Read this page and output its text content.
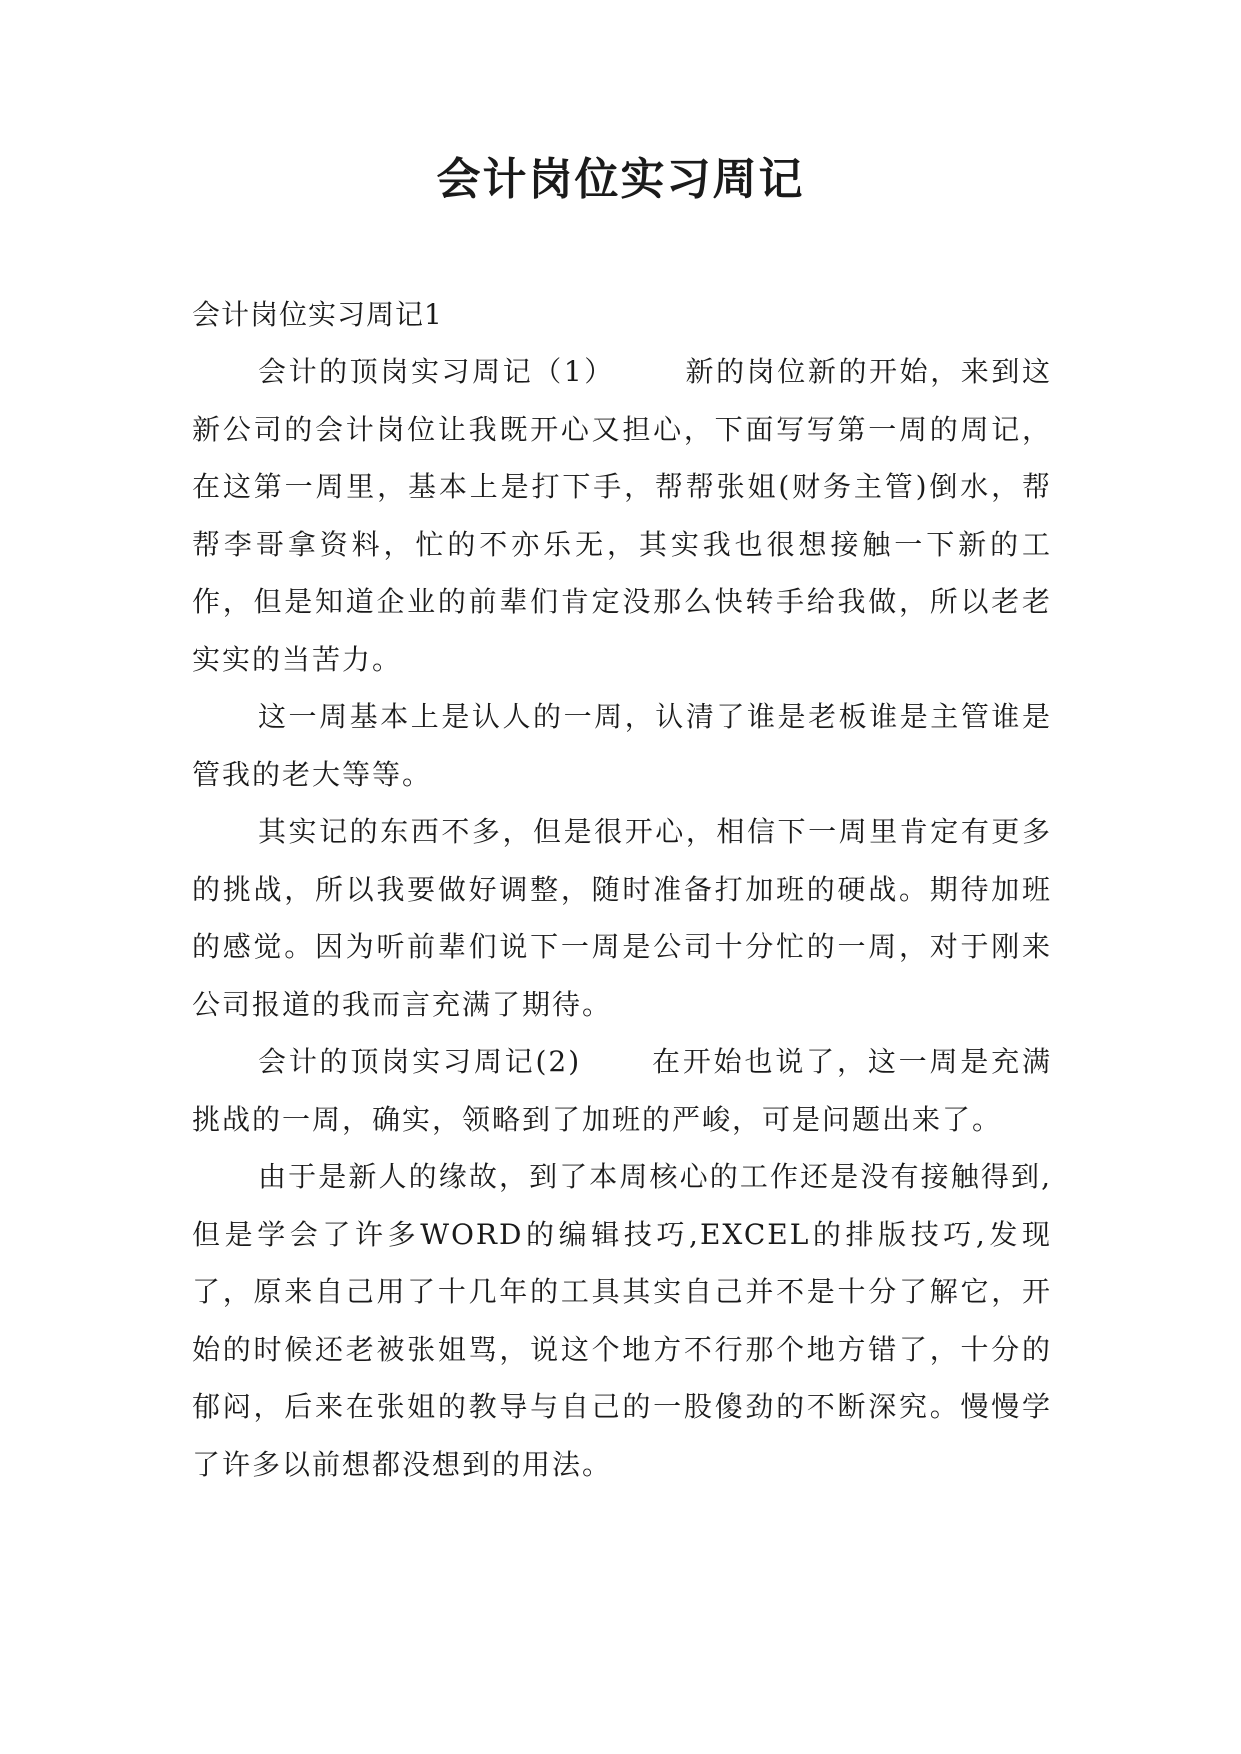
会计岗位实习周记

会计岗位实习周记1

会计的顶岗实习周记（1）	新的岗位新的开始，来到这新公司的会计岗位让我既开心又担心，下面写写第一周的周记，在这第一周里，基本上是打下手，帮帮张姐(财务主管)倒水，帮帮李哥拿资料，忙的不亦乐无，其实我也很想接触一下新的工作，但是知道企业的前辈们肯定没那么快转手给我做，所以老老实实的当苦力。

这一周基本上是认人的一周，认清了谁是老板谁是主管谁是管我的老大等等。

其实记的东西不多，但是很开心，相信下一周里肯定有更多的挑战，所以我要做好调整，随时准备打加班的硬战。期待加班的感觉。因为听前辈们说下一周是公司十分忙的一周，对于刚来公司报道的我而言充满了期待。

会计的顶岗实习周记(2)	在开始也说了，这一周是充满挑战的一周，确实，领略到了加班的严峻，可是问题出来了。

由于是新人的缘故，到了本周核心的工作还是没有接触得到,但是学会了许多WORD的编辑技巧,EXCEL的排版技巧,发现了，原来自己用了十几年的工具其实自己并不是十分了解它，开始的时候还老被张姐骂，说这个地方不行那个地方错了，十分的郁闷，后来在张姐的教导与自己的一股傻劲的不断深究。慢慢学了许多以前想都没想到的用法。
